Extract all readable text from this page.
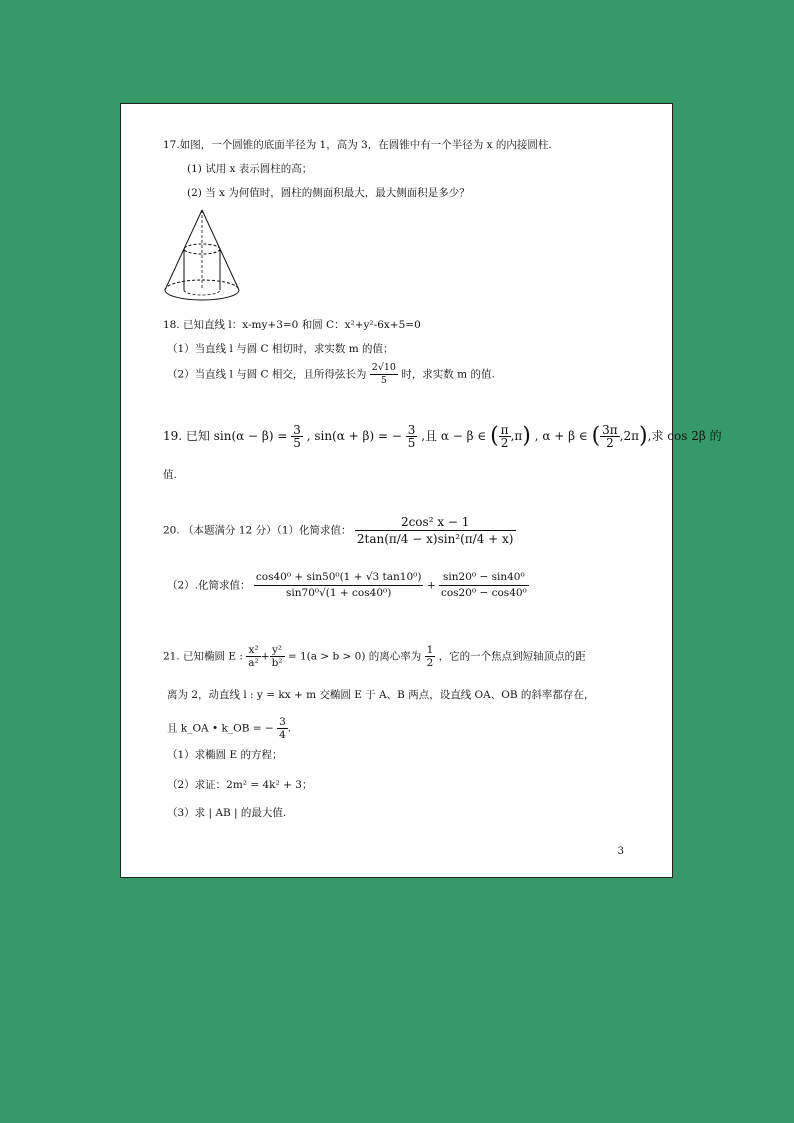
17.如图，一个圆锥的底面半径为 1，高为 3，在圆锥中有一个半径为 x 的内接圆柱.
(1) 试用 x 表示圆柱的高；
(2) 当 x 为何值时，圆柱的侧面积最大，最大侧面积是多少？
18. 已知直线 l：x-my+3=0 和圆 C：x²+y²-6x+5=0
（1）当直线 l 与圆 C 相切时，求实数 m 的值；
（2）当直线 l 与圆 C 相交，且所得弦长为 $\frac{2√10}{5}$ 时，求实数 m 的值.
19. 已知 $\sin(\alpha - \beta) = \frac{3}{5}$ , sin(α + β) = − $\frac{3}{5}$ ,且 α − β ∈ ( $\frac{\pi}{2} ,\pi$) , α + β ∈ ( $\frac{3\pi}{2} ,2\pi$),求 cos 2β 的
值.
20. （本题满分 12 分）（1）化简求值： $\frac{\text{2cos² x − 1}}{\text{2tan(π/4 − x)sin²(π/4 + x)}}$
（2）.化简求值： $\frac{\text{cos40⁰ + sin50⁰(1 + √3 tan10⁰)}}{\text{sin70⁰√(1 + cos40⁰)}} + \frac{\text{sin20⁰ − sin40⁰}}{\text{cos20⁰ − cos40⁰}}$
21. 已知椭圆 E : $\frac{\text{x²}}{\text{a²}} + \frac{\text{y²}}{\text{b²}} = 1(a > b > 0)$ 的离心率为 $\frac{1}{2}$ ，它的一个焦点到短轴顶点的距
离为 2，动直线 l : y = kx + m 交椭圆 E 于 A、B 两点，设直线 OA、OB 的斜率都存在，
且 k_OA • k_OB = − $\frac{3}{4}$ .
（1）求椭圆 E 的方程；
（2）求证：2m² = 4k² + 3；
（3）求 | AB | 的最大值.
3
